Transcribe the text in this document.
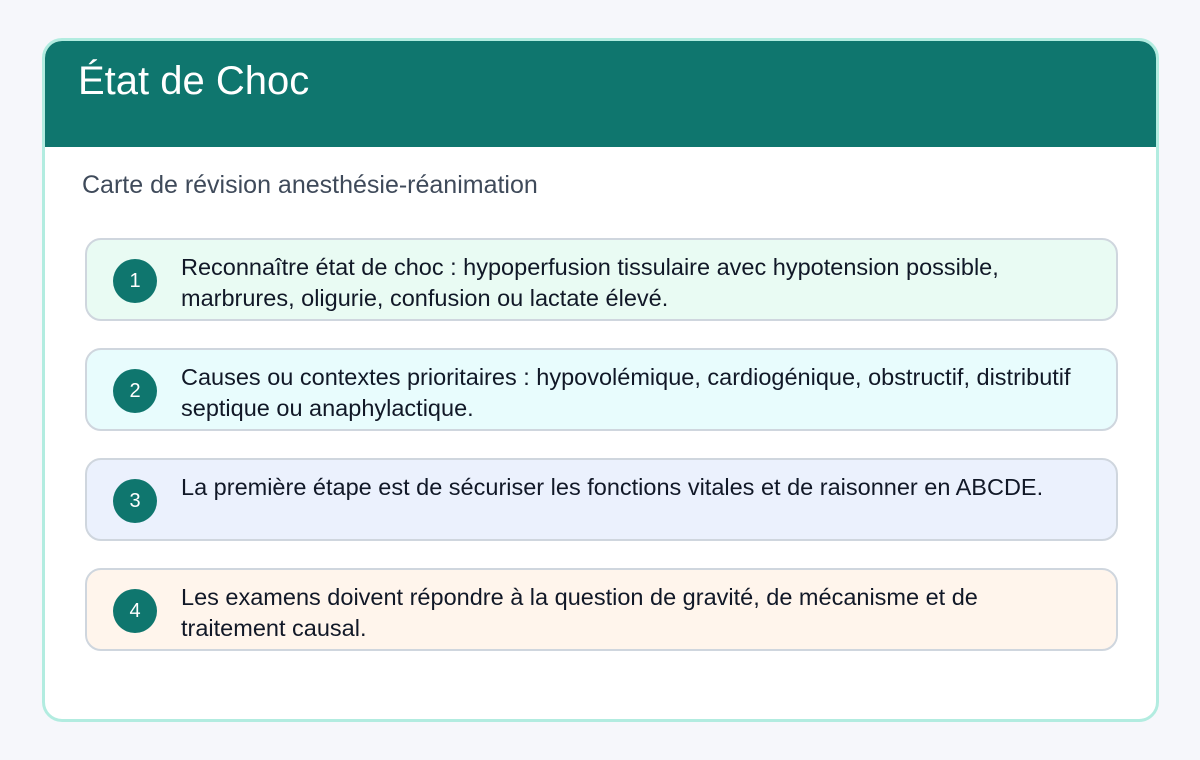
État de Choc

Carte de révision anesthésie-réanimation

1
Reconnaître état de choc : hypoperfusion tissulaire avec hypotension possible, marbrures, oligurie, confusion ou lactate élevé.
2
Causes ou contextes prioritaires : hypovolémique, cardiogénique, obstructif, distributif septique ou anaphylactique.
3
La première étape est de sécuriser les fonctions vitales et de raisonner en ABCDE.
4
Les examens doivent répondre à la question de gravité, de mécanisme et de traitement causal.
